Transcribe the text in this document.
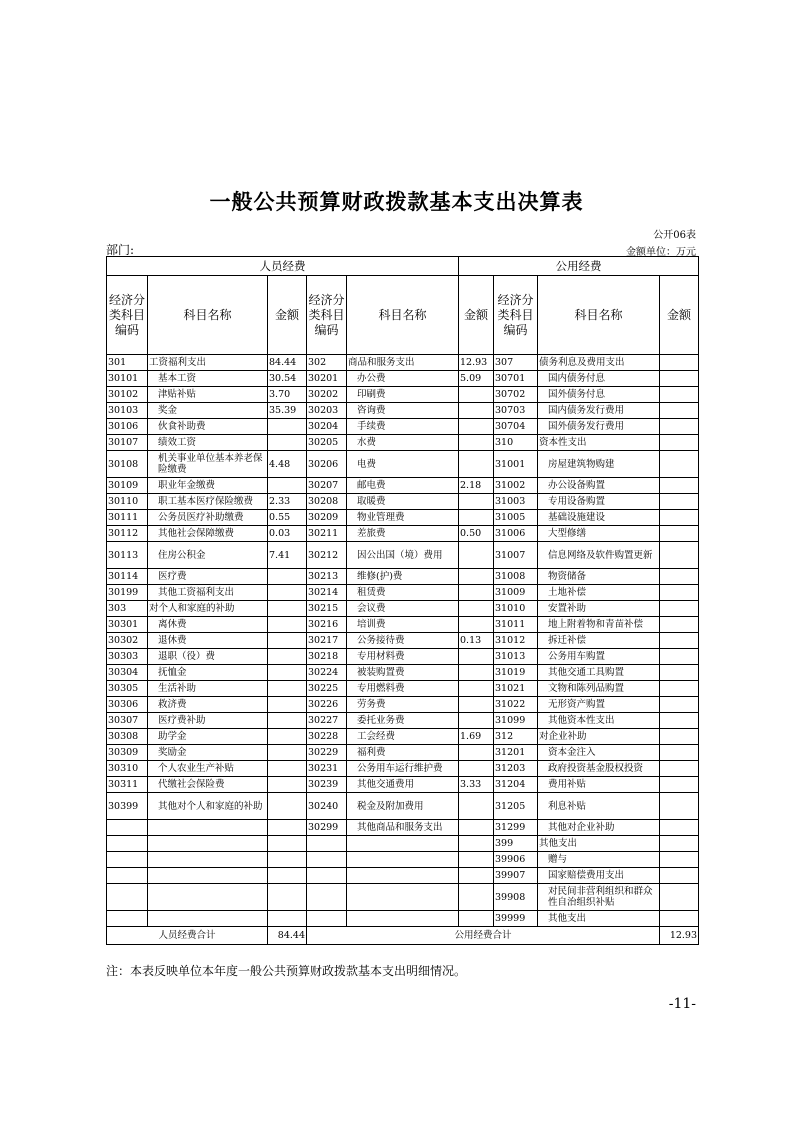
一般公共预算财政拨款基本支出决算表
公开06表
部门:	金额单位：万元
人员经费					公用经费			
经济分类科目编码	科目名称	金额	经济分类科目编码	科目名称	金额	经济分类科目编码	科目名称	金额
301	工资福利支出	84.44	302	商品和服务支出	12.93	307	债务利息及费用支出	
30101	基本工资	30.54	30201	办公费	5.09	30701	国内债务付息	
30102	津贴补贴	3.70	30202	印刷费		30702	国外债务付息	
30103	奖金	35.39	30203	咨询费		30703	国内债务发行费用	
30106	伙食补助费		30204	手续费		30704	国外债务发行费用	
30107	绩效工资		30205	水费		310	资本性支出	
30108	机关事业单位基本养老保险缴费	4.48	30206	电费		31001	房屋建筑物购建	
30109	职业年金缴费		30207	邮电费	2.18	31002	办公设备购置	
30110	职工基本医疗保险缴费	2.33	30208	取暖费		31003	专用设备购置	
30111	公务员医疗补助缴费	0.55	30209	物业管理费		31005	基础设施建设	
30112	其他社会保障缴费	0.03	30211	差旅费	0.50	31006	大型修缮	
30113	住房公积金	7.41	30212	因公出国（境）费用		31007	信息网络及软件购置更新	
30114	医疗费		30213	维修(护)费		31008	物资储备	
30199	其他工资福利支出		30214	租赁费		31009	土地补偿	
303	对个人和家庭的补助		30215	会议费		31010	安置补助	
30301	离休费		30216	培训费		31011	地上附着物和青苗补偿	
30302	退休费		30217	公务接待费	0.13	31012	拆迁补偿	
30303	退职（役）费		30218	专用材料费		31013	公务用车购置	
30304	抚恤金		30224	被装购置费		31019	其他交通工具购置	
30305	生活补助		30225	专用燃料费		31021	文物和陈列品购置	
30306	救济费		30226	劳务费		31022	无形资产购置	
30307	医疗费补助		30227	委托业务费		31099	其他资本性支出	
30308	助学金		30228	工会经费	1.69	312	对企业补助	
30309	奖励金		30229	福利费		31201	资本金注入	
30310	个人农业生产补贴		30231	公务用车运行维护费		31203	政府投资基金股权投资	
30311	代缴社会保险费		30239	其他交通费用	3.33	31204	费用补贴	
30399	其他对个人和家庭的补助		30240	税金及附加费用		31205	利息补贴	
			30299	其他商品和服务支出		31299	其他对企业补助	
						399	其他支出	
						39906	赠与	
						39907	国家赔偿费用支出	
						39908	对民间非营利组织和群众性自治组织补贴	
						39999	其他支出	
人员经费合计		84.44	公用经费合计					12.93
注：本表反映单位本年度一般公共预算财政拨款基本支出明细情况。
-11-
